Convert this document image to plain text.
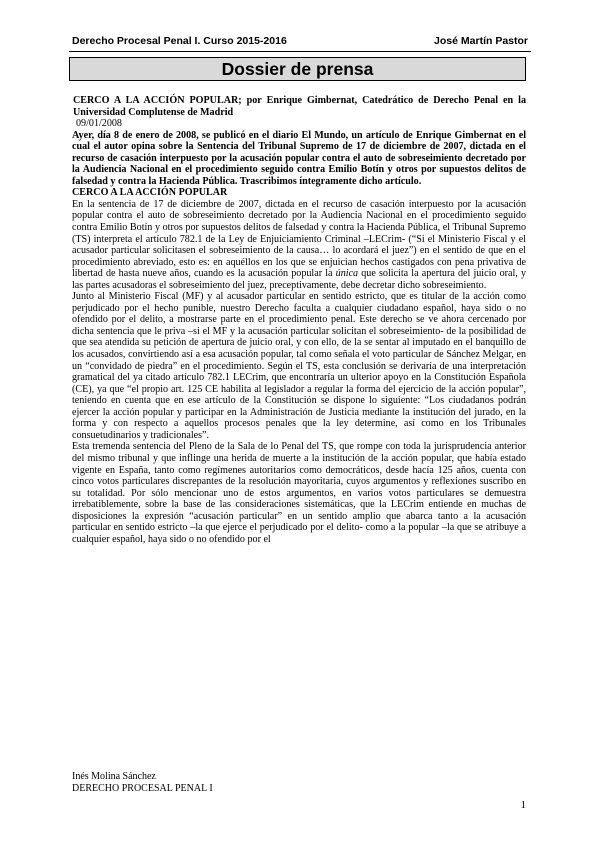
Derecho Procesal Penal I. Curso 2015-2016	José Martín Pastor
Dossier de prensa

CERCO A LA ACCIÓN POPULAR; por Enrique Gimbernat, Catedrático de Derecho Penal en la Universidad Complutense de Madrid

09/01/2008

Ayer, día 8 de enero de 2008, se publicó en el diario El Mundo, un artículo de Enrique Gimbernat en el cual el autor opina sobre la Sentencia del Tribunal Supremo de 17 de diciembre de 2007, dictada en el recurso de casación interpuesto por la acusación popular contra el auto de sobreseimiento decretado por la Audiencia Nacional en el procedimiento seguido contra Emilio Botín y otros por supuestos delitos de falsedad y contra la Hacienda Pública. Trascribimos íntegramente dicho artículo.

CERCO A LA ACCIÓN POPULAR

En la sentencia de 17 de diciembre de 2007, dictada en el recurso de casación interpuesto por la acusación popular contra el auto de sobreseimiento decretado por la Audiencia Nacional en el procedimiento seguido contra Emilio Botín y otros por supuestos delitos de falsedad y contra la Hacienda Pública, el Tribunal Supremo (TS) interpreta el artículo 782.1 de la Ley de Enjuiciamiento Criminal –LECrim- (“Si el Ministerio Fiscal y el acusador particular solicitasen el sobreseimiento de la causa… lo acordará el juez”) en el sentido de que en el procedimiento abreviado, esto es: en aquéllos en los que se enjuician hechos castigados con pena privativa de libertad de hasta nueve años, cuando es la acusación popular la única que solicita la apertura del juicio oral, y las partes acusadoras el sobreseimiento del juez, preceptivamente, debe decretar dicho sobreseimiento.

Junto al Ministerio Fiscal (MF) y al acusador particular en sentido estricto, que es titular de la acción como perjudicado por el hecho punible, nuestro Derecho faculta a cualquier ciudadano español, haya sido o no ofendido por el delito, a mostrarse parte en el procedimiento penal. Este derecho se ve ahora cercenado por dicha sentencia que le priva –si el MF y la acusación particular solicitan el sobreseimiento- de la posibilidad de que sea atendida su petición de apertura de juicio oral, y con ello, de la se sentar al imputado en el banquillo de los acusados, convirtiendo así a esa acusación popular, tal como señala el voto particular de Sánchez Melgar, en un “convidado de piedra” en el procedimiento. Según el TS, esta conclusión se derivaría de una interpretación gramatical del ya citado artículo 782.1 LECrim, que encontraría un ulterior apoyo en la Constitución Española (CE), ya que “el propio art. 125 CE habilita al legislador a regular la forma del ejercicio de la acción popular”, teniendo en cuenta que en ese artículo de la Constitución se dispone lo siguiente: “Los ciudadanos podrán ejercer la acción popular y participar en la Administración de Justicia mediante la institución del jurado, en la forma y con respecto a aquellos procesos penales que la ley determine, así como en los Tribunales consuetudinarios y tradicionales”.

Esta tremenda sentencia del Pleno de la Sala de lo Penal del TS, que rompe con toda la jurisprudencia anterior del mismo tribunal y que inflinge una herida de muerte a la institución de la acción popular, que había estado vigente en España, tanto como regímenes autoritarios como democráticos, desde hacía 125 años, cuenta con cinco votos particulares discrepantes de la resolución mayoritaria, cuyos argumentos y reflexiones suscribo en su totalidad. Por sólo mencionar uno de estos argumentos, en varios votos particulares se demuestra irrebatiblemente, sobre la base de las consideraciones sistemáticas, que la LECrim entiende en muchas de disposiciones la expresión “acusación particular” en un sentido amplio que abarca tanto a la acusación particular en sentido estricto –la que ejerce el perjudicado por el delito- como a la popular –la que se atribuye a cualquier español, haya sido o no ofendido por el

Inés Molina Sánchez
DERECHO PROCESAL PENAL I
1
